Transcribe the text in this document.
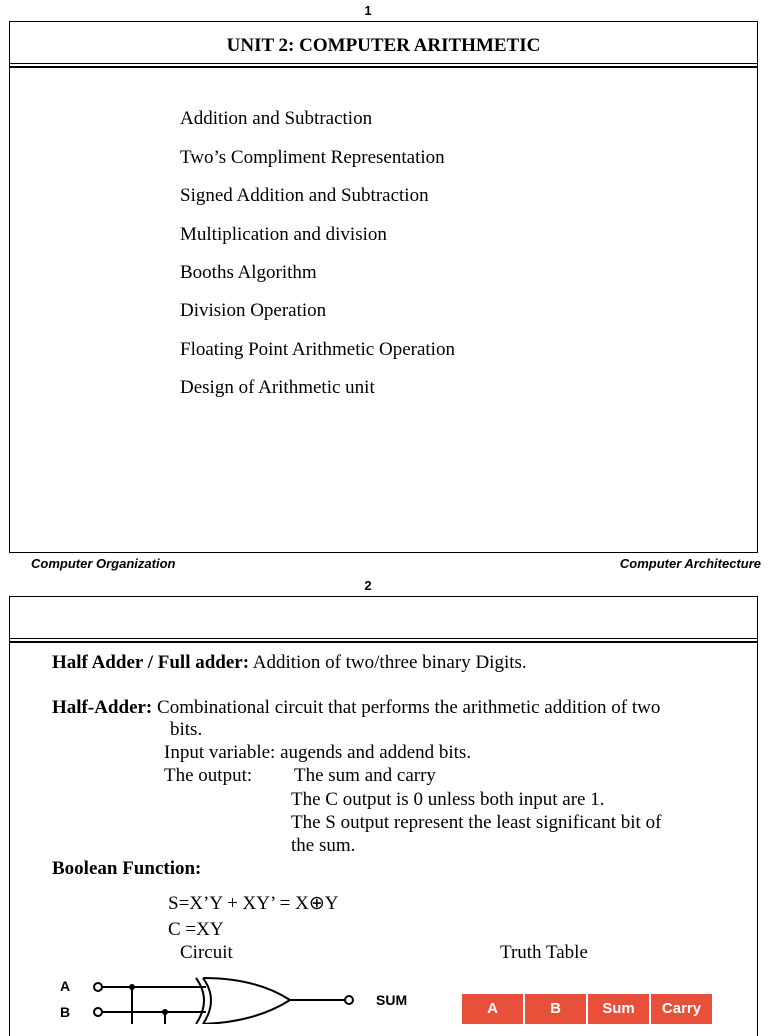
1
UNIT 2: COMPUTER ARITHMETIC
Addition and Subtraction
Two’s Compliment Representation
Signed Addition and Subtraction
Multiplication and division
Booths Algorithm
Division Operation
Floating Point Arithmetic Operation
Design of Arithmetic unit
Computer Organization	Computer Architecture
2
Half Adder / Full adder: Addition of two/three binary Digits.
Half-Adder: Combinational circuit that performs the arithmetic addition of two
bits.
Input variable: augends and addend bits.
The output: The sum and carry
The C output is 0 unless both input are 1.
The S output represent the least significant bit of
the sum.
Boolean Function:
S=X’Y + XY’ = X⊕Y
C =XY
Circuit	Truth Table
A
B
SUM	A	B	Sum	Carry
